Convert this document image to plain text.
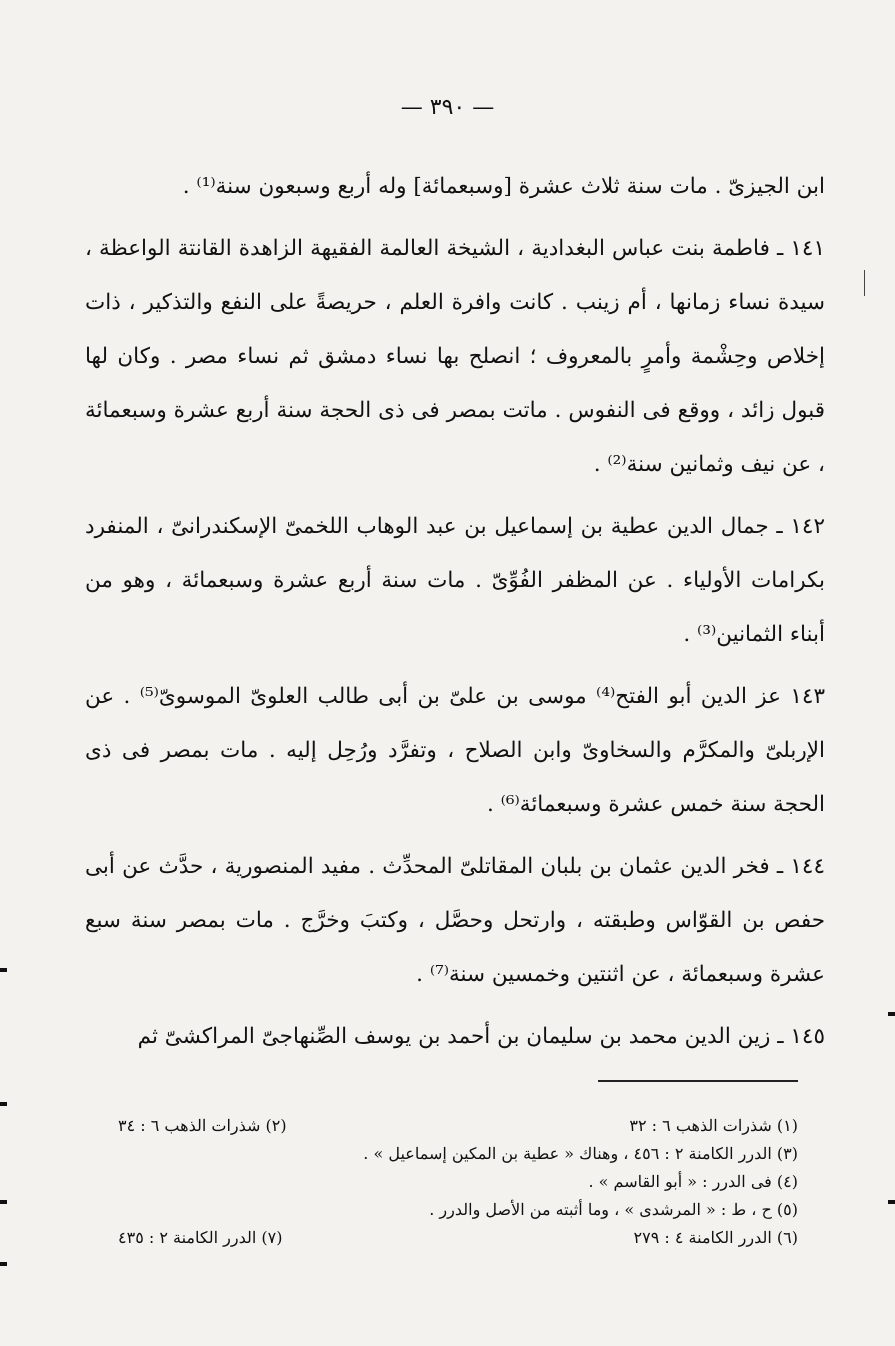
— ٣٩٠ —

ابن الجيزىّ . مات سنة ثلاث عشرة [وسبعمائة] وله أربع وسبعون سنة⁽¹⁾ .

١٤١ ـ فاطمة بنت عباس البغدادية ، الشيخة العالمة الفقيهة الزاهدة القانتة الواعظة ، سيدة نساء زمانها ، أم زينب . كانت وافرة العلم ، حريصةً على النفع والتذكير ، ذات إخلاص وحِشْمة وأمرٍ بالمعروف ؛ انصلح بها نساء دمشق ثم نساء مصر . وكان لها قبول زائد ، ووقع فى النفوس . ماتت بمصر فى ذى الحجة سنة أربع عشرة وسبعمائة ، عن نيف وثمانين سنة⁽²⁾ .

١٤٢ ـ جمال الدين عطية بن إسماعيل بن عبد الوهاب اللخمىّ الإسكندرانىّ ، المنفرد بكرامات الأولياء . عن المظفر الفُوِّىّ . مات سنة أربع عشرة وسبعمائة ، وهو من أبناء الثمانين⁽³⁾ .

١٤٣ عز الدين أبو الفتح⁽⁴⁾ موسى بن علىّ بن أبى طالب العلوىّ الموسوىّ⁽⁵⁾ . عن الإربلىّ والمكرَّم والسخاوىّ وابن الصلاح ، وتفرَّد ورُحِل إليه . مات بمصر فى ذى الحجة سنة خمس عشرة وسبعمائة⁽⁶⁾ .

١٤٤ ـ فخر الدين عثمان بن بلبان المقاتلىّ المحدِّث . مفيد المنصورية ، حدَّث عن أبى حفص بن القوّاس وطبقته ، وارتحل وحصَّل ، وكتبَ وخرَّج . مات بمصر سنة سبع عشرة وسبعمائة ، عن اثنتين وخمسين سنة⁽⁷⁾ .

١٤٥ ـ زين الدين محمد بن سليمان بن أحمد بن يوسف الصِّنهاجىّ المراكشىّ ثم

(١) شذرات الذهب ٦ : ٣٢
(٢) شذرات الذهب ٦ : ٣٤
(٣) الدرر الكامنة ٢ : ٤٥٦ ، وهناك « عطية بن المكين إسماعيل » .
(٤) فى الدرر : « أبو القاسم » .
(٥) ح ، ط : « المرشدى » ، وما أثبته من الأصل والدرر .
(٦) الدرر الكامنة ٤ : ٢٧٩
(٧) الدرر الكامنة ٢ : ٤٣٥
